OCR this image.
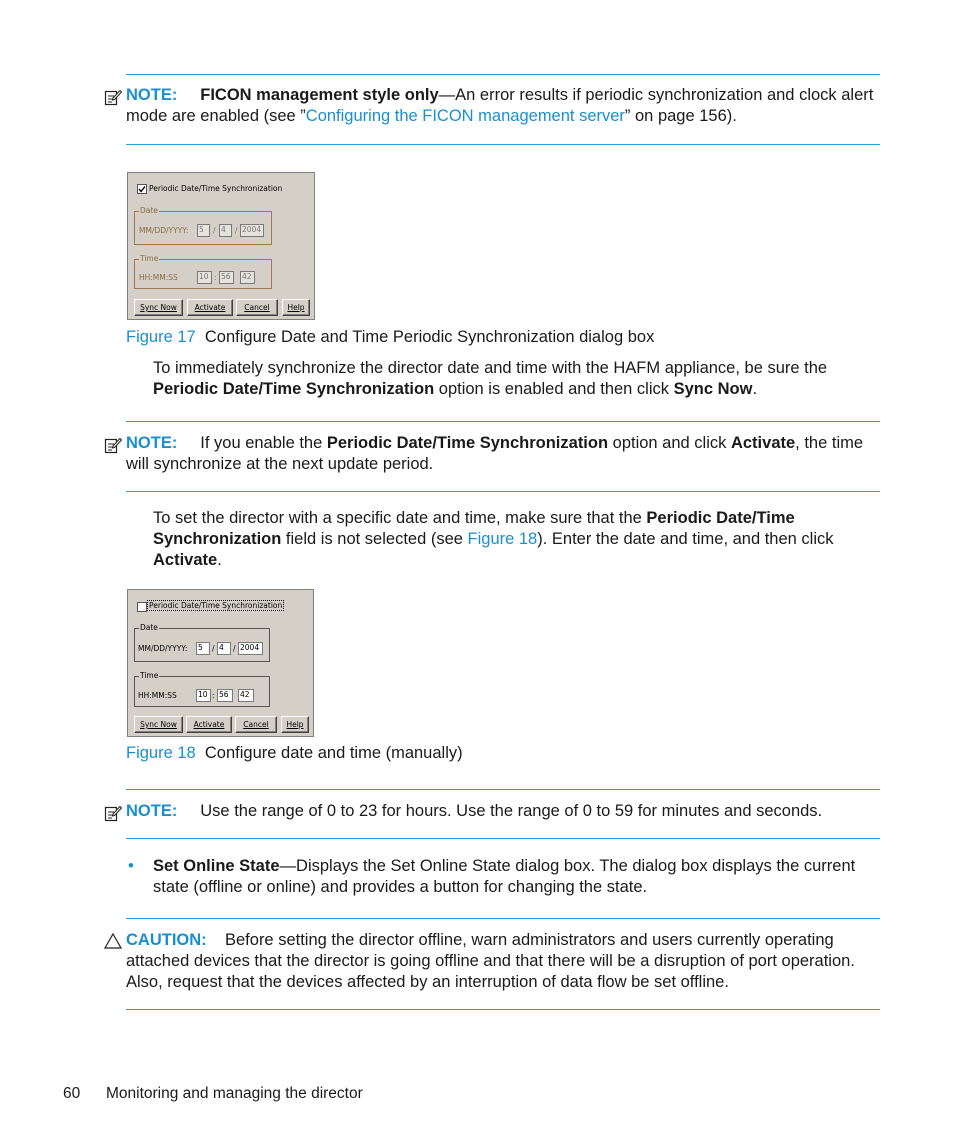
NOTE: FICON management style only—An error results if periodic synchronization and clock alert mode are enabled (see ”Configuring the FICON management server” on page 156).
Periodic Date/Time Synchronization
Date
MM/DD/YYYY: 5	/ 4	/ 2004
Time
HH:MM:SS	10 : 56	42
Sync Now	Activate	Cancel	Help
Figure 17 Configure Date and Time Periodic Synchronization dialog box
To immediately synchronize the director date and time with the HAFM appliance, be sure the Periodic Date/Time Synchronization option is enabled and then click Sync Now.
NOTE: If you enable the Periodic Date/Time Synchronization option and click Activate, the time will synchronize at the next update period.
To set the director with a specific date and time, make sure that the Periodic Date/Time Synchronization field is not selected (see Figure 18). Enter the date and time, and then click Activate.
Periodic Date/Time Synchronization
Date
MM/DD/YYYY: 5	/ 4	/ 2004
Time
HH:MM:SS	10 : 56	42
Sync Now	Activate	Cancel	Help
Figure 18 Configure date and time (manually)
NOTE: Use the range of 0 to 23 for hours. Use the range of 0 to 59 for minutes and seconds.
• Set Online State—Displays the Set Online State dialog box. The dialog box displays the current state (offline or online) and provides a button for changing the state.
CAUTION: Before setting the director offline, warn administrators and users currently operating attached devices that the director is going offline and that there will be a disruption of port operation. Also, request that the devices affected by an interruption of data flow be set offline.
60 Monitoring and managing the director
